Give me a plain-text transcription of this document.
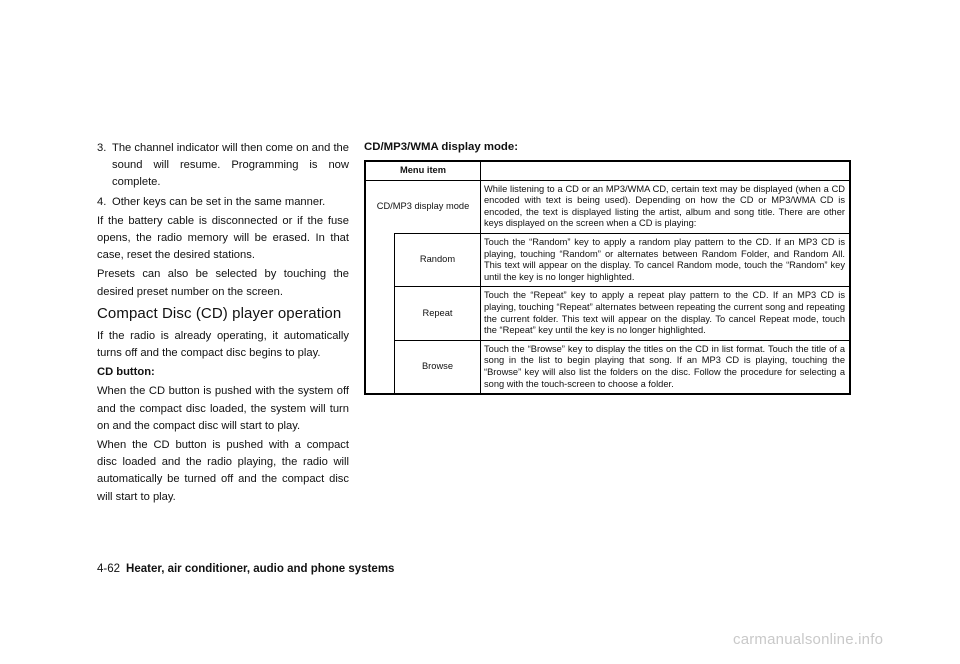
3. The channel indicator will then come on and the sound will resume. Programming is now complete.
4. Other keys can be set in the same manner.

If the battery cable is disconnected or if the fuse opens, the radio memory will be erased. In that case, reset the desired stations.

Presets can also be selected by touching the desired preset number on the screen.

Compact Disc (CD) player operation

If the radio is already operating, it automatically turns off and the compact disc begins to play.

CD button:

When the CD button is pushed with the system off and the compact disc loaded, the system will turn on and the compact disc will start to play.

When the CD button is pushed with a compact disc loaded and the radio playing, the radio will automatically be turned off and the compact disc will start to play.

CD/MP3/WMA display mode:
Menu item		
CD/MP3 display mode		While listening to a CD or an MP3/WMA CD, certain text may be displayed (when a CD encoded with text is being used). Depending on how the CD or MP3/WMA CD is encoded, the text is displayed listing the artist, album and song title. There are other keys displayed on the screen when a CD is playing:
	Random	Touch the “Random” key to apply a random play pattern to the CD. If an MP3 CD is playing, touching “Random” or alternates between Random Folder, and Random All. This text will appear on the display. To cancel Random mode, touch the “Random” key until the key is no longer highlighted.
	Repeat	Touch the “Repeat” key to apply a repeat play pattern to the CD. If an MP3 CD is playing, touching “Repeat” alternates between repeating the current song and repeating the current folder. This text will appear on the display. To cancel Repeat mode, touch the “Repeat” key until the key is no longer highlighted.
	Browse	Touch the “Browse” key to display the titles on the CD in list format. Touch the title of a song in the list to begin playing that song. If an MP3 CD is playing, touching the “Browse” key will also list the folders on the disc. Follow the procedure for selecting a song with the touch-screen to choose a folder.
4-62 Heater, air conditioner, audio and phone systems
carmanualsonline.info
